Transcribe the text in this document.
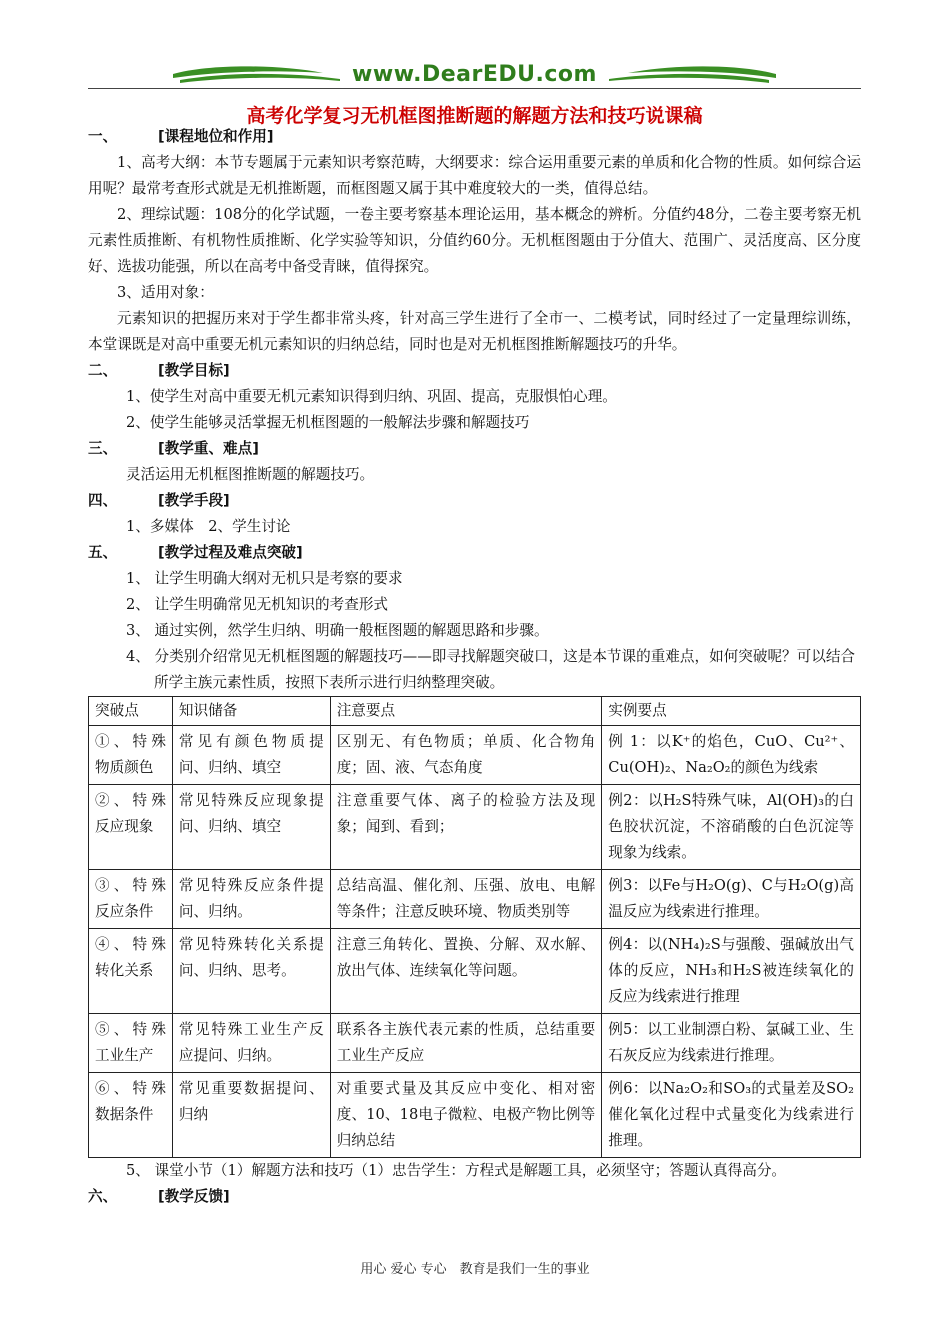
www.DearEDU.com
高考化学复习无机框图推断题的解题方法和技巧说课稿

一、	[课程地位和作用]

1、高考大纲：本节专题属于元素知识考察范畴，大纲要求：综合运用重要元素的单质和化合物的性质。如何综合运用呢？最常考查形式就是无机推断题，而框图题又属于其中难度较大的一类，值得总结。

2、理综试题：108分的化学试题，一卷主要考察基本理论运用，基本概念的辨析。分值约48分，二卷主要考察无机元素性质推断、有机物性质推断、化学实验等知识，分值约60分。无机框图题由于分值大、范围广、灵活度高、区分度好、选拔功能强，所以在高考中备受青睐，值得探究。

3、适用对象：

元素知识的把握历来对于学生都非常头疼，针对高三学生进行了全市一、二模考试，同时经过了一定量理综训练，本堂课既是对高中重要无机元素知识的归纳总结，同时也是对无机框图推断解题技巧的升华。

二、	[教学目标]

1、使学生对高中重要无机元素知识得到归纳、巩固、提高，克服惧怕心理。

2、使学生能够灵活掌握无机框图题的一般解法步骤和解题技巧

三、	[教学重、难点]

灵活运用无机框图推断题的解题技巧。

四、	[教学手段]

1、多媒体　2、学生讨论

五、	[教学过程及难点突破]

1、 让学生明确大纲对无机只是考察的要求

2、 让学生明确常见无机知识的考查形式

3、 通过实例，然学生归纳、明确一般框图题的解题思路和步骤。

4、 分类别介绍常见无机框图题的解题技巧——即寻找解题突破口，这是本节课的重难点，如何突破呢？可以结合所学主族元素性质，按照下表所示进行归纳整理突破。

突破点	知识储备	注意要点	实例要点
①、特殊物质颜色	常见有颜色物质提问、归纳、填空	区别无、有色物质；单质、化合物角度；固、液、气态角度	例 1：以K⁺的焰色，CuO、Cu²⁺、Cu(OH)₂、Na₂O₂的颜色为线索
②、特殊反应现象	常见特殊反应现象提问、归纳、填空	注意重要气体、离子的检验方法及现象；闻到、看到；	例2：以H₂S特殊气味，Al(OH)₃的白色胶状沉淀，不溶硝酸的白色沉淀等现象为线索。
③、特殊反应条件	常见特殊反应条件提问、归纳。	总结高温、催化剂、压强、放电、电解等条件；注意反映环境、物质类别等	例3：以Fe与H₂O(g)、C与H₂O(g)高温反应为线索进行推理。
④、特殊转化关系	常见特殊转化关系提问、归纳、思考。	注意三角转化、置换、分解、双水解、放出气体、连续氧化等问题。	例4：以(NH₄)₂S与强酸、强碱放出气体的反应，NH₃和H₂S被连续氧化的反应为线索进行推理
⑤、特殊工业生产	常见特殊工业生产反应提问、归纳。	联系各主族代表元素的性质，总结重要工业生产反应	例5：以工业制漂白粉、氯碱工业、生石灰反应为线索进行推理。
⑥、特殊数据条件	常见重要数据提问、归纳	对重要式量及其反应中变化、相对密度、10、18电子微粒、电极产物比例等归纳总结	例6：以Na₂O₂和SO₃的式量差及SO₂催化氧化过程中式量变化为线索进行推理。

5、 课堂小节（1）解题方法和技巧（1）忠告学生：方程式是解题工具，必须坚守；答题认真得高分。

六、	[教学反馈]

用心 爱心 专心　教育是我们一生的事业
